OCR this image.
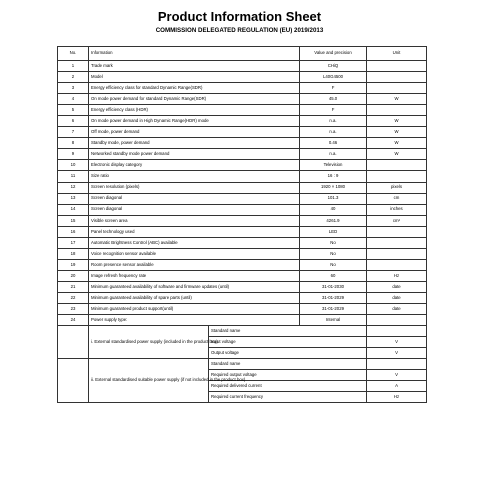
Product Information Sheet
COMMISSION DELEGATED REGULATION (EU) 2019/2013
No.	Information		Value and precision	Unit
1	Trade mark		CHiQ	
2	Model		L40G4500	
3	Energy efficiency class for standard Dynamic Range(SDR)		F	
4	On mode power demand for standard Dynamic Range(SDR)		45.0	W
5	Energy efficiency class (HDR)		F	
6	On mode power demand in High Dynamic Range(HDR) mode		n.a.	W
7	Off mode, power demand		n.a.	W
8	Standby mode, power demand		0.46	W
9	Networked standby mode power demand		n.a.	W
10	Electronic display category		Television	
11	Size ratio		16 : 9	
12	Screen resolution (pixels)		1920 × 1080	pixels
13	Screen diagonal		101.3	cm
14	Screen diagonal		40	inches
15	Visible screen area		4261.9	cm²
16	Panel technology used		LED	
17	Automatic Brightness Control (ABC) available		No	
18	Voice recognition sensor available		No	
19	Room presence sensor available		No	
20	Image refresh frequency rate		60	Hz
21	Minimum guaranteed availability of software and firmware updates (until)		31-01-2030	date
22	Minimum guaranteed availability of spare parts (until)		31-01-2029	date
23	Minimum guaranteed product support(until)		31-01-2029	date
24	Power supply type:		Internal	
	i. External standardised power supply (included in the product box)	Standard name		
		Input voltage		V
		Output voltage		V
	ii. External standardised suitable power supply (if not included in the product box)	Standard name		
		Required output voltage		V
		Required delivered current		A
		Required current frequency		Hz
